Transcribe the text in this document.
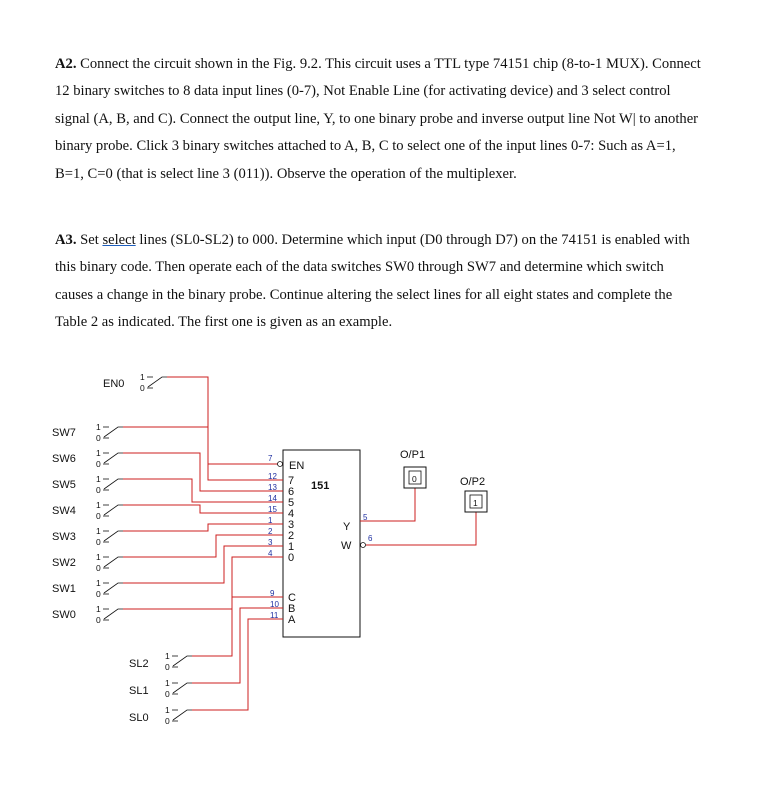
A2. Connect the circuit shown in the Fig. 9.2. This circuit uses a TTL type 74151 chip (8-to-1 MUX). Connect 12 binary switches to 8 data input lines (0-7), Not Enable Line (for activating device) and 3 select control signal (A, B, and C). Connect the output line, Y, to one binary probe and inverse output line Not W| to another binary probe. Click 3 binary switches attached to A, B, C to select one of the input lines 0-7: Such as A=1, B=1, C=0 (that is select line 3 (011)). Observe the operation of the multiplexer.

A3. Set select lines (SL0-SL2) to 000. Determine which input (D0 through D7) on the 74151 is enabled with this binary code. Then operate each of the data switches SW0 through SW7 and determine which switch causes a change in the binary probe. Continue altering the select lines for all eight states and complete the Table 2 as indicated. The first one is given as an example.

151
EN
1
0
EN0
7
SW7 1
0
12 7
SW6 1
0
13 6
SW5 1
0
14 5
SW4 1
0
15 4
SW3 1
0
1 3
SW2 1
0
2 2
SW1 1
0
3 1
SW0 1
0
4 0
1
0
SL2
9 C
1
0
SL1
10 B
1
0
SL0
11 A
Y
W
5
6
O/P1
0	O/P2
1
